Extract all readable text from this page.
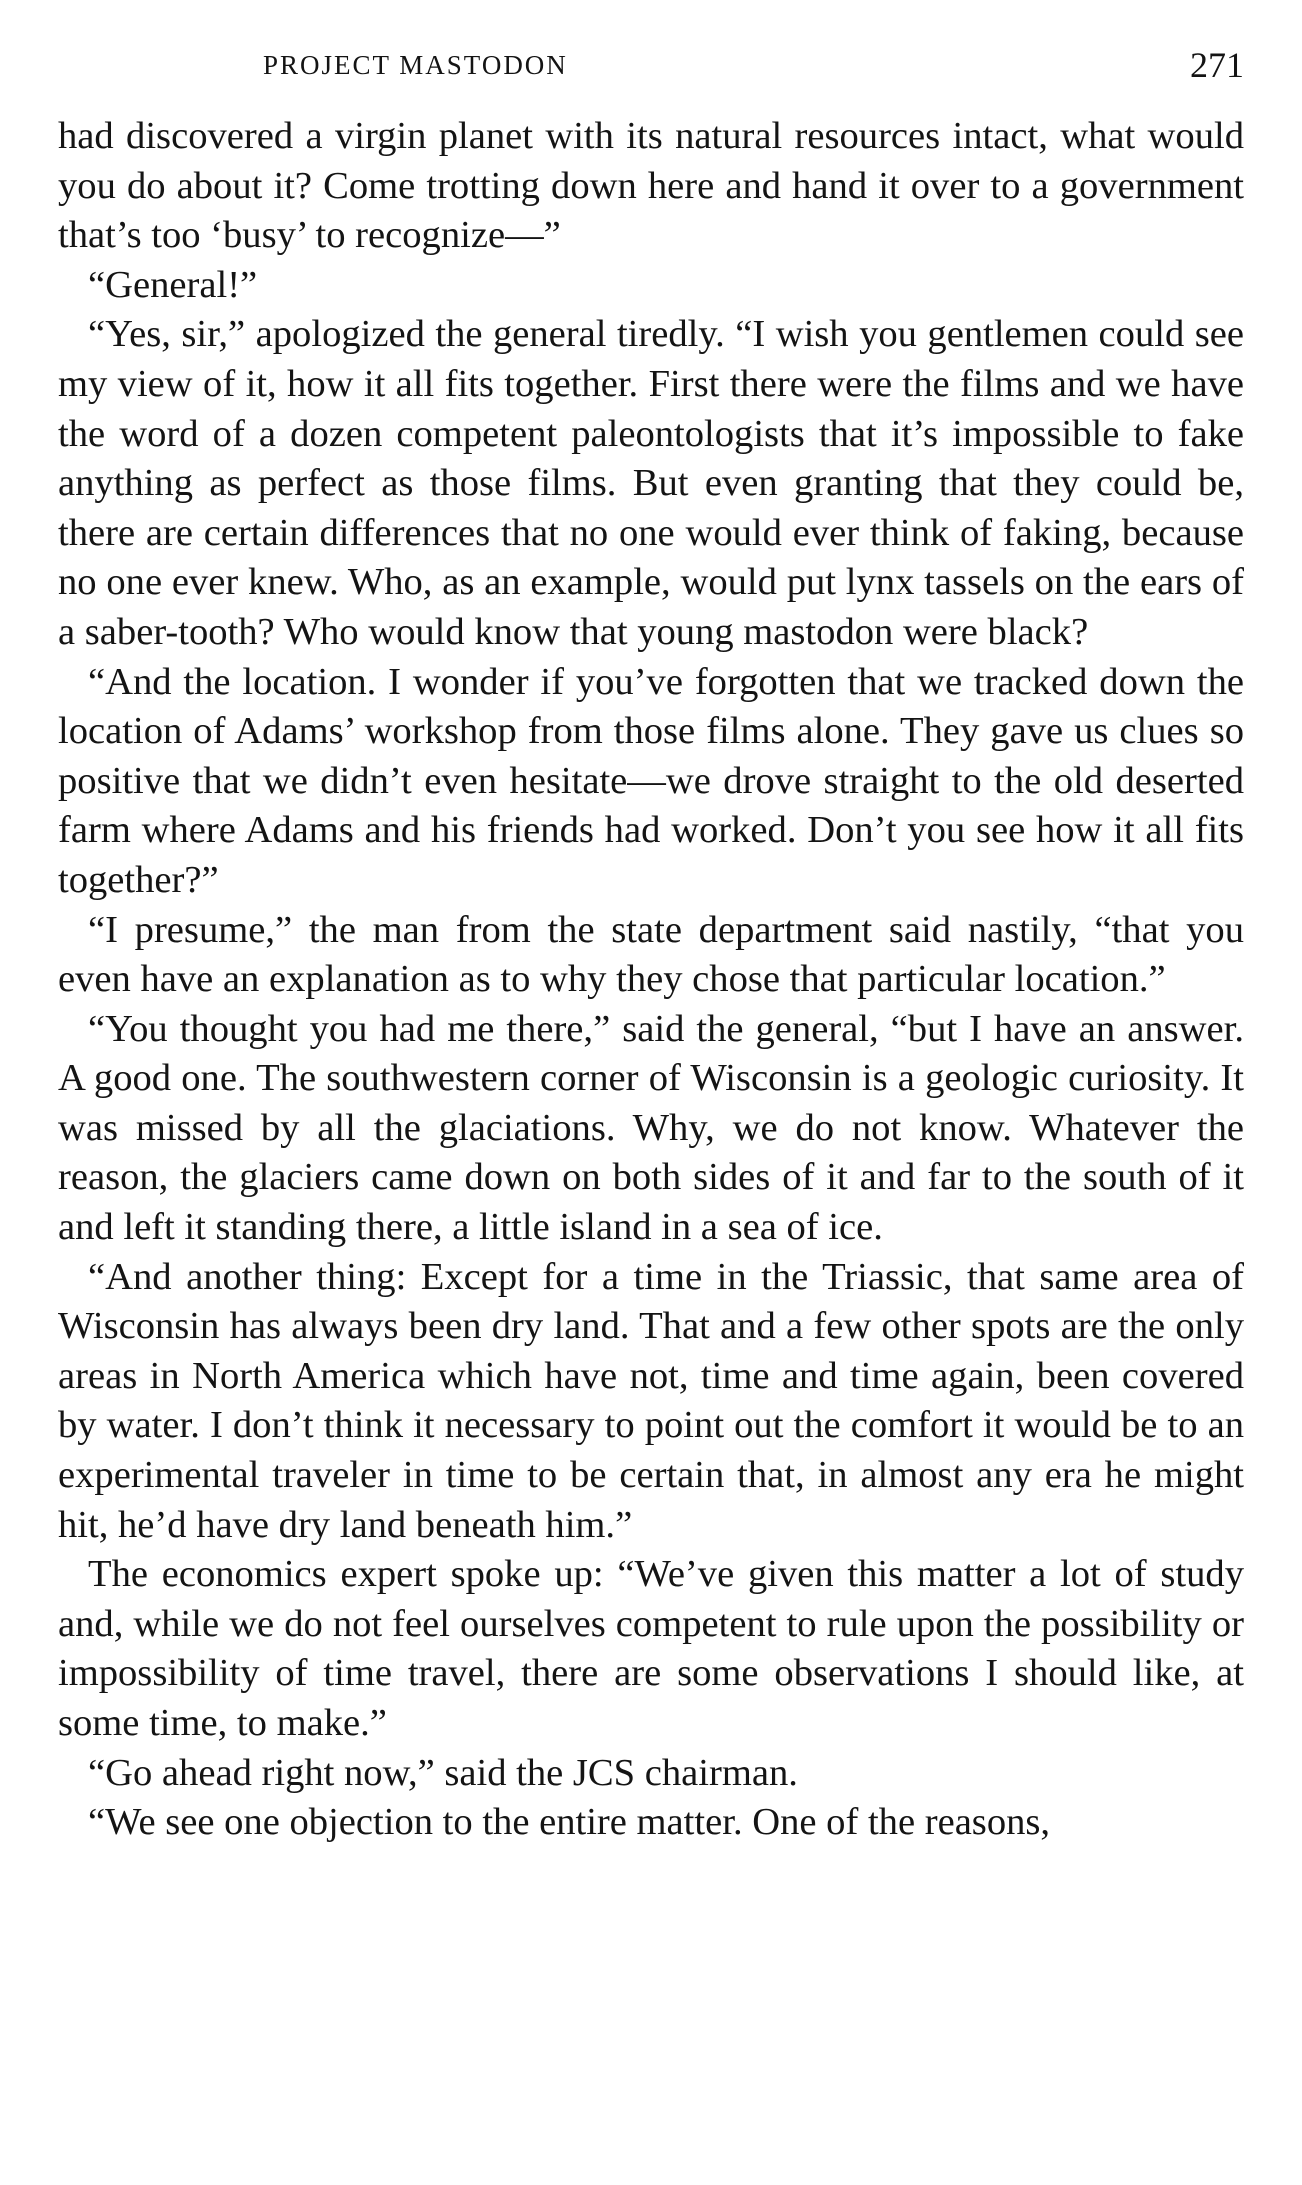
PROJECT MASTODON	271

had discovered a virgin planet with its natural resources intact, what would you do about it? Come trotting down here and hand it over to a government that’s too ‘busy’ to recognize—”

“General!”

“Yes, sir,” apologized the general tiredly. “I wish you gentlemen could see my view of it, how it all fits together. First there were the films and we have the word of a dozen competent paleontologists that it’s impossible to fake anything as perfect as those films. But even granting that they could be, there are certain differences that no one would ever think of faking, because no one ever knew. Who, as an example, would put lynx tassels on the ears of a saber-tooth? Who would know that young mastodon were black?

“And the location. I wonder if you’ve forgotten that we tracked down the location of Adams’ workshop from those films alone. They gave us clues so positive that we didn’t even hesitate—we drove straight to the old deserted farm where Adams and his friends had worked. Don’t you see how it all fits together?”

“I presume,” the man from the state department said nastily, “that you even have an explanation as to why they chose that particular location.”

“You thought you had me there,” said the general, “but I have an answer. A good one. The southwestern corner of Wisconsin is a geologic curiosity. It was missed by all the glaciations. Why, we do not know. Whatever the reason, the glaciers came down on both sides of it and far to the south of it and left it standing there, a little island in a sea of ice.

“And another thing: Except for a time in the Triassic, that same area of Wisconsin has always been dry land. That and a few other spots are the only areas in North America which have not, time and time again, been covered by water. I don’t think it necessary to point out the comfort it would be to an experimental traveler in time to be certain that, in almost any era he might hit, he’d have dry land beneath him.”

The economics expert spoke up: “We’ve given this matter a lot of study and, while we do not feel ourselves competent to rule upon the possibility or impossibility of time travel, there are some observations I should like, at some time, to make.”

“Go ahead right now,” said the JCS chairman.

“We see one objection to the entire matter. One of the reasons,
